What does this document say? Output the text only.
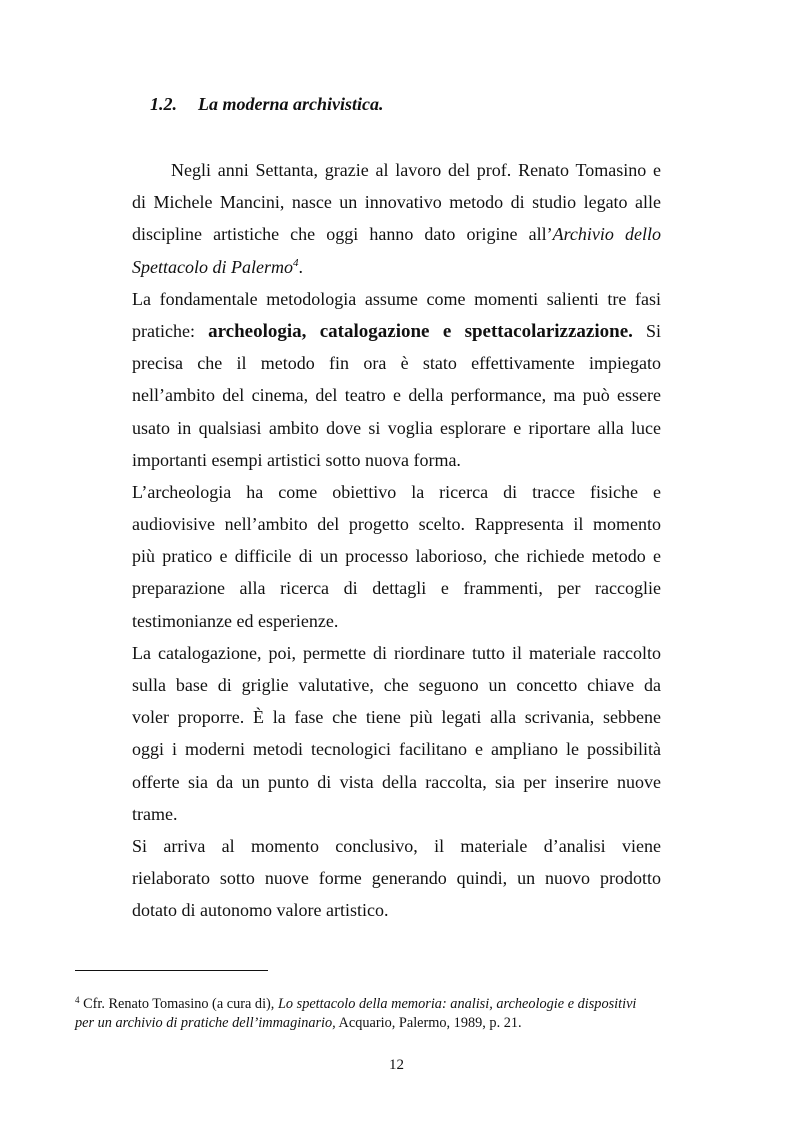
1.2. La moderna archivistica.
Negli anni Settanta, grazie al lavoro del prof. Renato Tomasino e
di Michele Mancini, nasce un innovativo metodo di studio legato alle
discipline artistiche che oggi hanno dato origine all’Archivio dello
Spettacolo di Palermo$^4$.
La fondamentale metodologia assume come momenti salienti tre fasi
pratiche: archeologia, catalogazione e spettacolarizzazione. Si
precisa che il metodo fin ora è stato effettivamente impiegato
nell’ambito del cinema, del teatro e della performance, ma può essere
usato in qualsiasi ambito dove si voglia esplorare e riportare alla luce
importanti esempi artistici sotto nuova forma.
L’archeologia ha come obiettivo la ricerca di tracce fisiche e
audiovisive nell’ambito del progetto scelto. Rappresenta il momento
più pratico e difficile di un processo laborioso, che richiede metodo e
preparazione alla ricerca di dettagli e frammenti, per raccoglie
testimonianze ed esperienze.
La catalogazione, poi, permette di riordinare tutto il materiale raccolto
sulla base di griglie valutative, che seguono un concetto chiave da
voler proporre. È la fase che tiene più legati alla scrivania, sebbene
oggi i moderni metodi tecnologici facilitano e ampliano le possibilità
offerte sia da un punto di vista della raccolta, sia per inserire nuove
trame.
Si arriva al momento conclusivo, il materiale d’analisi viene
rielaborato sotto nuove forme generando quindi, un nuovo prodotto
dotato di autonomo valore artistico.
$^4$ Cfr. Renato Tomasino (a cura di), Lo spettacolo della memoria: analisi, archeologie e dispositivi
per un archivio di pratiche dell’immaginario, Acquario, Palermo, 1989, p. 21.
12
